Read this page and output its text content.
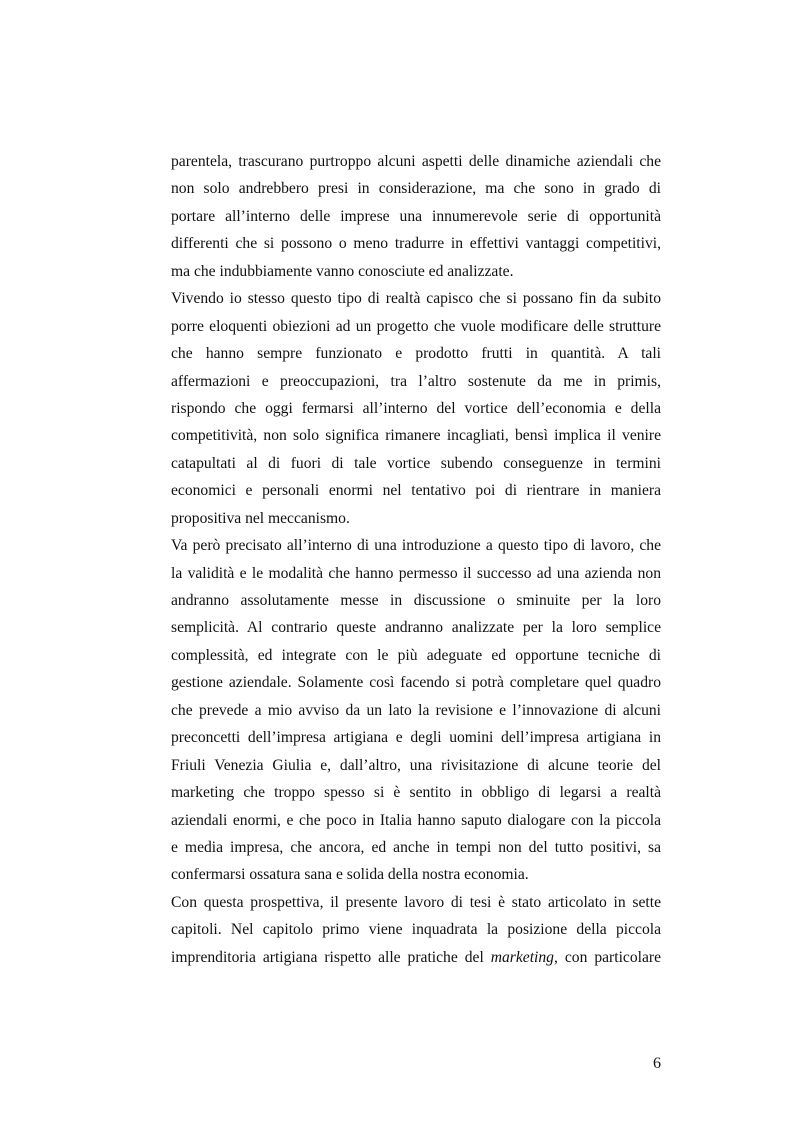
parentela, trascurano purtroppo alcuni aspetti delle dinamiche aziendali che
non solo andrebbero presi in considerazione, ma che sono in grado di
portare all’interno delle imprese una innumerevole serie di opportunità
differenti che si possono o meno tradurre in effettivi vantaggi competitivi,
ma che indubbiamente vanno conosciute ed analizzate.
Vivendo io stesso questo tipo di realtà capisco che si possano fin da subito
porre eloquenti obiezioni ad un progetto che vuole modificare delle strutture
che hanno sempre funzionato e prodotto frutti in quantità. A tali
affermazioni e preoccupazioni, tra l’altro sostenute da me in primis,
rispondo che oggi fermarsi all’interno del vortice dell’economia e della
competitività, non solo significa rimanere incagliati, bensì implica il venire
catapultati al di fuori di tale vortice subendo conseguenze in termini
economici e personali enormi nel tentativo poi di rientrare in maniera
propositiva nel meccanismo.
Va però precisato all’interno di una introduzione a questo tipo di lavoro, che
la validità e le modalità che hanno permesso il successo ad una azienda non
andranno assolutamente messe in discussione o sminuite per la loro
semplicità. Al contrario queste andranno analizzate per la loro semplice
complessità, ed integrate con le più adeguate ed opportune tecniche di
gestione aziendale. Solamente così facendo si potrà completare quel quadro
che prevede a mio avviso da un lato la revisione e l’innovazione di alcuni
preconcetti dell’impresa artigiana e degli uomini dell’impresa artigiana in
Friuli Venezia Giulia e, dall’altro, una rivisitazione di alcune teorie del
marketing che troppo spesso si è sentito in obbligo di legarsi a realtà
aziendali enormi, e che poco in Italia hanno saputo dialogare con la piccola
e media impresa, che ancora, ed anche in tempi non del tutto positivi, sa
confermarsi ossatura sana e solida della nostra economia.
Con questa prospettiva, il presente lavoro di tesi è stato articolato in sette
capitoli. Nel capitolo primo viene inquadrata la posizione della piccola
imprenditoria artigiana rispetto alle pratiche del marketing, con particolare
6
